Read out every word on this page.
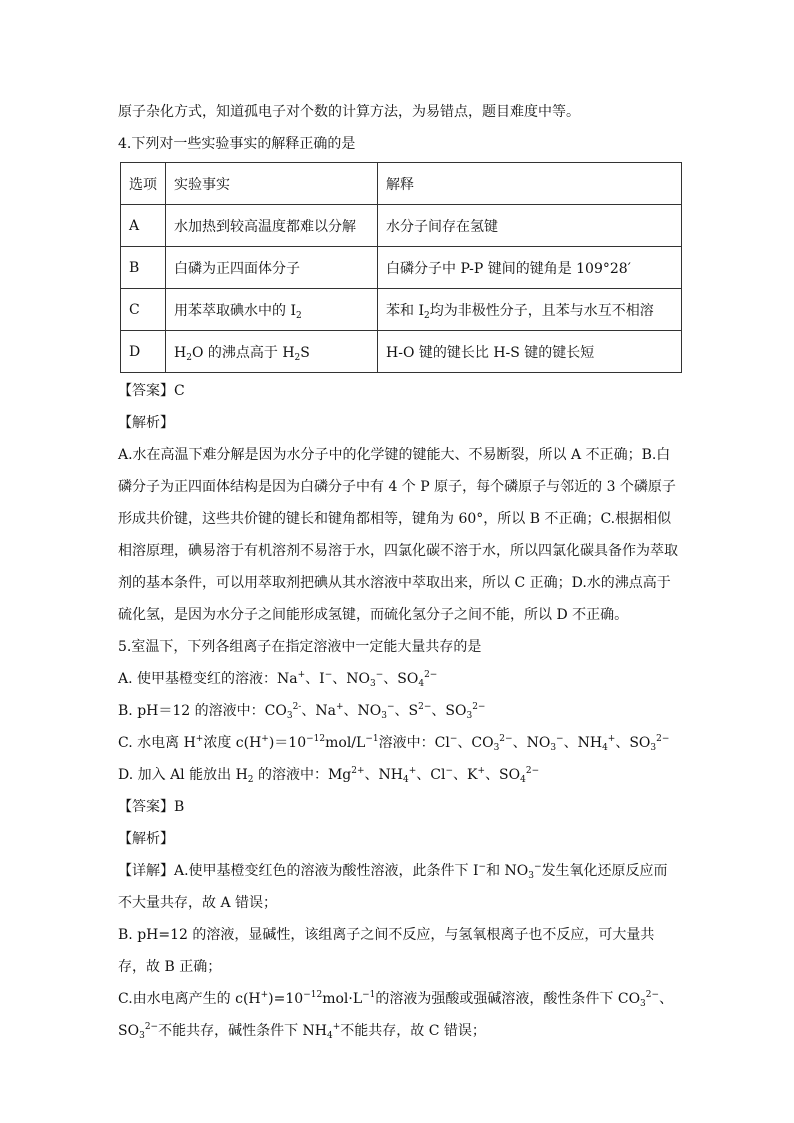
原子杂化方式，知道孤电子对个数的计算方法，为易错点，题目难度中等。
4.下列对一些实验事实的解释正确的是
选项	实验事实	解释
A	水加热到较高温度都难以分解	水分子间存在氢键
B	白磷为正四面体分子	白磷分子中 P-P 键间的键角是 109°28′
C	用苯萃取碘水中的 $I_2$	苯和 $I_2$均为非极性分子，且苯与水互不相溶
D	$H_2O$ 的沸点高于 $H_2S$	H-O 键的键长比 H-S 键的键长短
【答案】C
【解析】

A.水在高温下难分解是因为水分子中的化学键的键能大、不易断裂，所以 A 不正确；B.白磷分子为正四面体结构是因为白磷分子中有 4 个 P 原子，每个磷原子与邻近的 3 个磷原子形成共价键，这些共价键的键长和键角都相等，键角为 60°，所以 B 不正确；C.根据相似相溶原理，碘易溶于有机溶剂不易溶于水，四氯化碳不溶于水，所以四氯化碳具备作为萃取剂的基本条件，可以用萃取剂把碘从其水溶液中萃取出来，所以 C 正确；D.水的沸点高于硫化氢，是因为水分子之间能形成氢键，而硫化氢分子之间不能，所以 D 不正确。

5.室温下，下列各组离子在指定溶液中一定能大量共存的是
A. 使甲基橙变红的溶液：Na+、I−、$NO_3^-$、$SO_4^{2-}$
B. pH＝12 的溶液中：$CO_3^{2-}$、Na+、$NO_3^-$、$S^{2-}$、$SO_3^{2-}$
C. 水电离 H+浓度 $c(H^+)=10^{-12}mol/L^{-1}$溶液中：Cl−、$CO_3^{2-}$、$NO_3^-$、$NH_4^+$、$SO_3^{2-}$
D. 加入 Al 能放出 $H_2$ 的溶液中：$Mg^{2+}$、$NH_4^+$、Cl−、K+、$SO_4^{2-}$
【答案】B
【解析】

【详解】A.使甲基橙变红色的溶液为酸性溶液，此条件下 I−和 $NO_3^-$发生氧化还原反应而不大量共存，故 A 错误；

B. pH=12 的溶液，显碱性，该组离子之间不反应，与氢氧根离子也不反应，可大量共存，故 B 正确；

C.由水电离产生的 $c(H^+)=10^{-12}mol\cdot L^{-1}$的溶液为强酸或强碱溶液，酸性条件下 $CO_3^{2-}$、$SO_3^{2-}$不能共存，碱性条件下 $NH_4^+$不能共存，故 C 错误；
